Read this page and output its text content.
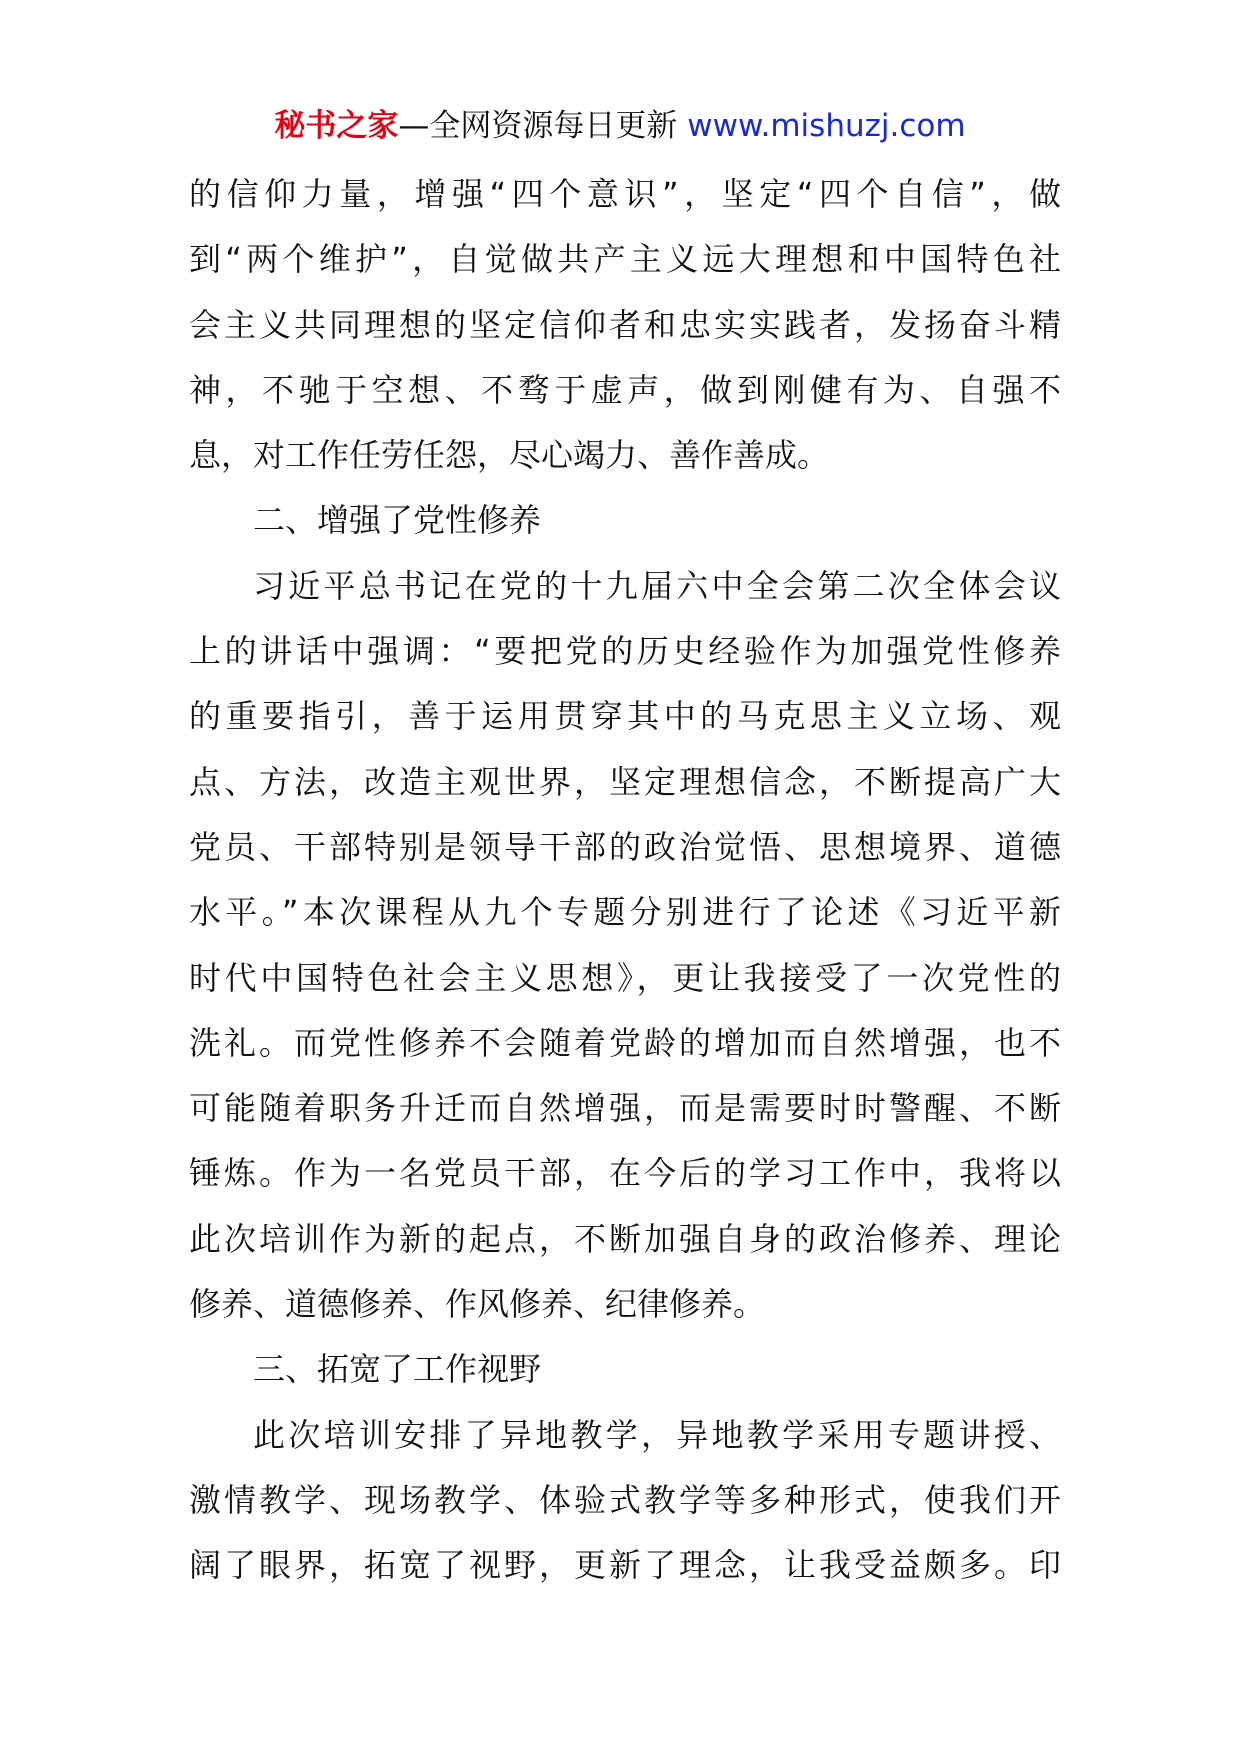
秘书之家—全网资源每日更新 www.mishuzj.com
的信仰力量，增强“四个意识”，坚定“四个自信”，做
到“两个维护”，自觉做共产主义远大理想和中国特色社
会主义共同理想的坚定信仰者和忠实实践者，发扬奋斗精
神，不驰于空想、不骛于虚声，做到刚健有为、自强不
息，对工作任劳任怨，尽心竭力、善作善成。
二、增强了党性修养
习近平总书记在党的十九届六中全会第二次全体会议
上的讲话中强调：“要把党的历史经验作为加强党性修养
的重要指引，善于运用贯穿其中的马克思主义立场、观
点、方法，改造主观世界，坚定理想信念，不断提高广大
党员、干部特别是领导干部的政治觉悟、思想境界、道德
水平。”本次课程从九个专题分别进行了论述《习近平新
时代中国特色社会主义思想》，更让我接受了一次党性的
洗礼。而党性修养不会随着党龄的增加而自然增强，也不
可能随着职务升迁而自然增强，而是需要时时警醒、不断
锤炼。作为一名党员干部，在今后的学习工作中，我将以
此次培训作为新的起点，不断加强自身的政治修养、理论
修养、道德修养、作风修养、纪律修养。
三、拓宽了工作视野
此次培训安排了异地教学，异地教学采用专题讲授、
激情教学、现场教学、体验式教学等多种形式，使我们开
阔了眼界，拓宽了视野，更新了理念，让我受益颇多。印
